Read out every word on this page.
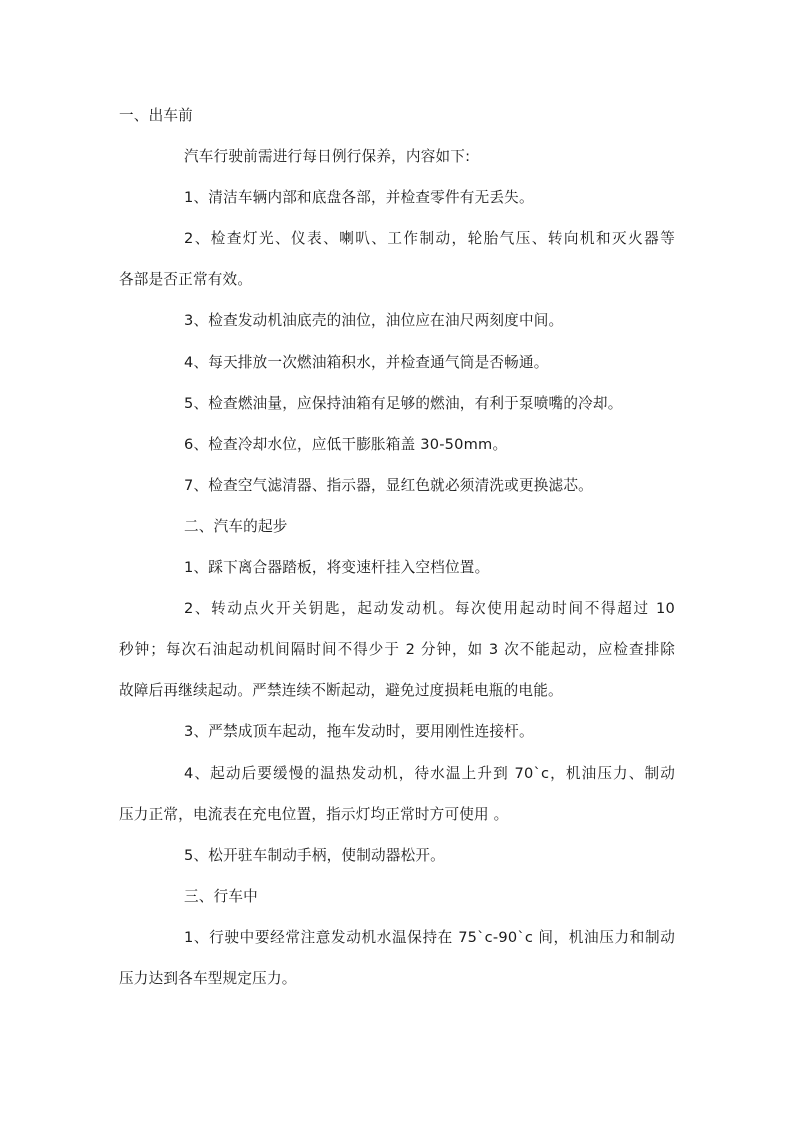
一、出车前
汽车行驶前需进行每日例行保养，内容如下:
1、清洁车辆内部和底盘各部，并检查零件有无丢失。
2、检查灯光、仪表、喇叭、工作制动，轮胎气压、转向机和灭火器等
各部是否正常有效。
3、检查发动机油底壳的油位，油位应在油尺两刻度中间。
4、每天排放一次燃油箱积水，并检查通气筒是否畅通。
5、检查燃油量，应保持油箱有足够的燃油，有利于泵喷嘴的冷却。
6、检查冷却水位，应低干膨胀箱盖 30-50mm。
7、检查空气滤清器、指示器，显红色就必须清洗或更换滤芯。
二、汽车的起步
1、踩下离合器踏板，将变速杆挂入空档位置。
2、转动点火开关钥匙，起动发动机。每次使用起动时间不得超过 10
秒钟；每次石油起动机间隔时间不得少于 2 分钟，如 3 次不能起动，应检查排除
故障后再继续起动。严禁连续不断起动，避免过度损耗电瓶的电能。
3、严禁成顶车起动，拖车发动时，要用刚性连接杆。
4、起动后要缓慢的温热发动机，待水温上升到 70`c，机油压力、制动
压力正常，电流表在充电位置，指示灯均正常时方可使用 。
5、松开驻车制动手柄，使制动器松开。
三、行车中
1、行驶中要经常注意发动机水温保持在 75`c-90`c 间，机油压力和制动
压力达到各车型规定压力。
